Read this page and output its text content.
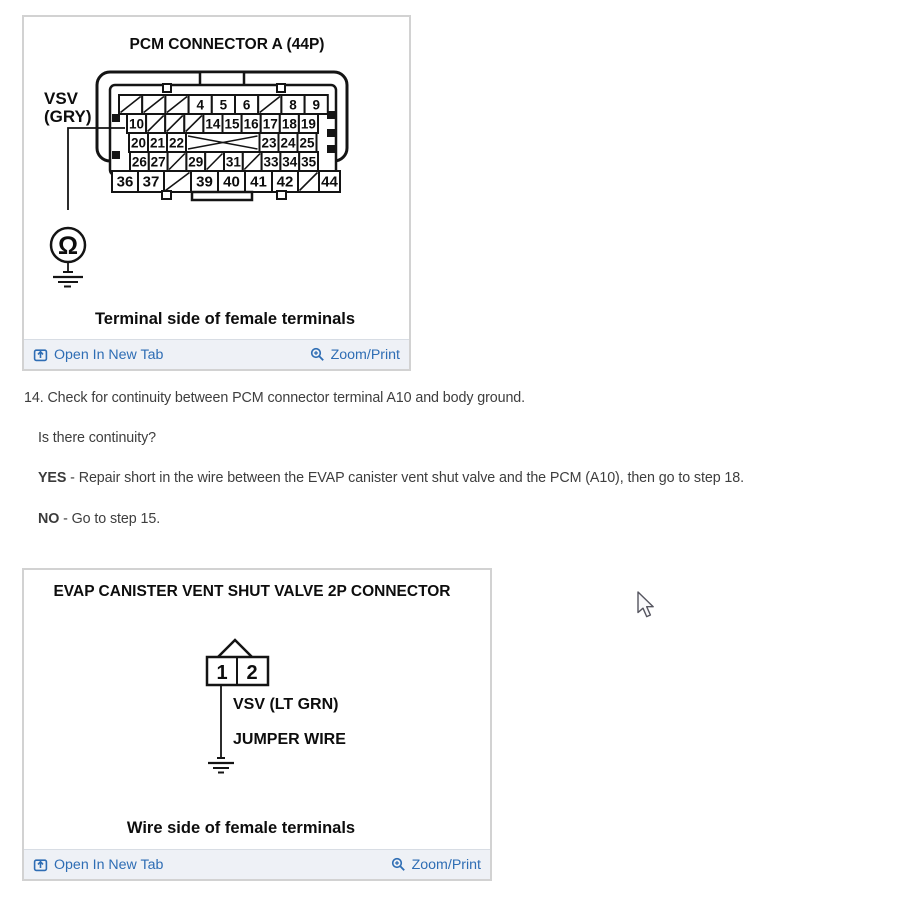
PCM CONNECTOR A (44P)
4 5 6	8 9
10	14 15 16 17 18 19
20 21 22	23 24 25
26 27 29 31 33 34 35
36 37 39 40 41 42 44
Ω
VSV
(GRY)
Terminal side of female terminals
Open In New Tab	Zoom/Print
14. Check for continuity between PCM connector terminal A10 and body ground.
Is there continuity?
YES - Repair short in the wire between the EVAP canister vent shut valve and the PCM (A10), then go to step 18.
NO - Go to step 15.
EVAP CANISTER VENT SHUT VALVE 2P CONNECTOR
1 2
VSV (LT GRN)
JUMPER WIRE
Wire side of female terminals
Open In New Tab	Zoom/Print
